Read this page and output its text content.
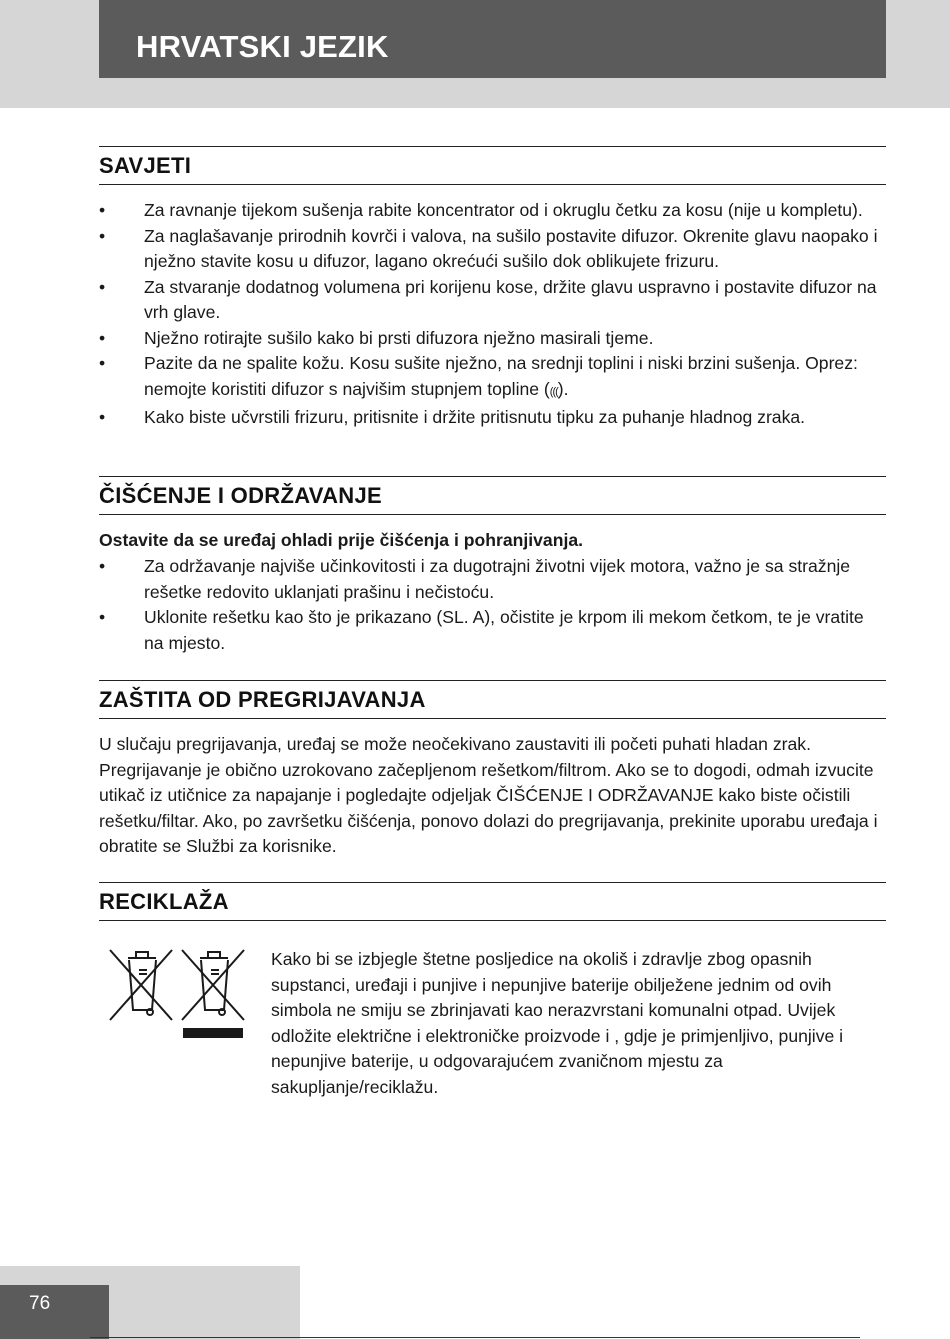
HRVATSKI JEZIK
SAVJETI
• Za ravnanje tijekom sušenja rabite koncentrator od i okruglu četku za kosu (nije u kompletu).
• Za naglašavanje prirodnih kovrči i valova, na sušilo postavite difuzor. Okrenite glavu naopako i nježno stavite kosu u difuzor, lagano okrećući sušilo dok oblikujete frizuru.
• Za stvaranje dodatnog volumena pri korijenu kose, držite glavu uspravno i postavite difuzor na vrh glave.
• Nježno rotirajte sušilo kako bi prsti difuzora nježno masirali tjeme.
• Pazite da ne spalite kožu. Kosu sušite nježno, na srednji toplini i niski brzini sušenja. Oprez: nemojte koristiti difuzor s najvišim stupnjem topline (((().
• Kako biste učvrstili frizuru, pritisnite i držite pritisnutu tipku za puhanje hladnog zraka.
ČIŠĆENJE I ODRŽAVANJE

Ostavite da se uređaj ohladi prije čišćenja i pohranjivanja.

• Za održavanje najviše učinkovitosti i za dugotrajni životni vijek motora, važno je sa stražnje rešetke redovito uklanjati prašinu i nečistoću.
• Uklonite rešetku kao što je prikazano (SL. A), očistite je krpom ili mekom četkom, te je vratite na mjesto.
ZAŠTITA OD PREGRIJAVANJA

U slučaju pregrijavanja, uređaj se može neočekivano zaustaviti ili početi puhati hladan zrak. Pregrijavanje je obično uzrokovano začepljenom rešetkom/filtrom. Ako se to dogodi, odmah izvucite utikač iz utičnice za napajanje i pogledajte odjeljak ČIŠĆENJE I ODRŽAVANJE kako biste očistili rešetku/filtar. Ako, po završetku čišćenja, ponovo dolazi do pregrijavanja, prekinite uporabu uređaja i obratite se Službi za korisnike.

RECIKLAŽA

Kako bi se izbjegle štetne posljedice na okoliš i zdravlje zbog opasnih supstanci, uređaji i punjive i nepunjive baterije obilježene jednim od ovih simbola ne smiju se zbrinjavati kao nerazvrstani komunalni otpad. Uvijek odložite električne i elektroničke proizvode i , gdje je primjenljivo, punjive i nepunjive baterije, u odgovarajućem zvaničnom mjestu za sakupljanje/reciklažu.

76
